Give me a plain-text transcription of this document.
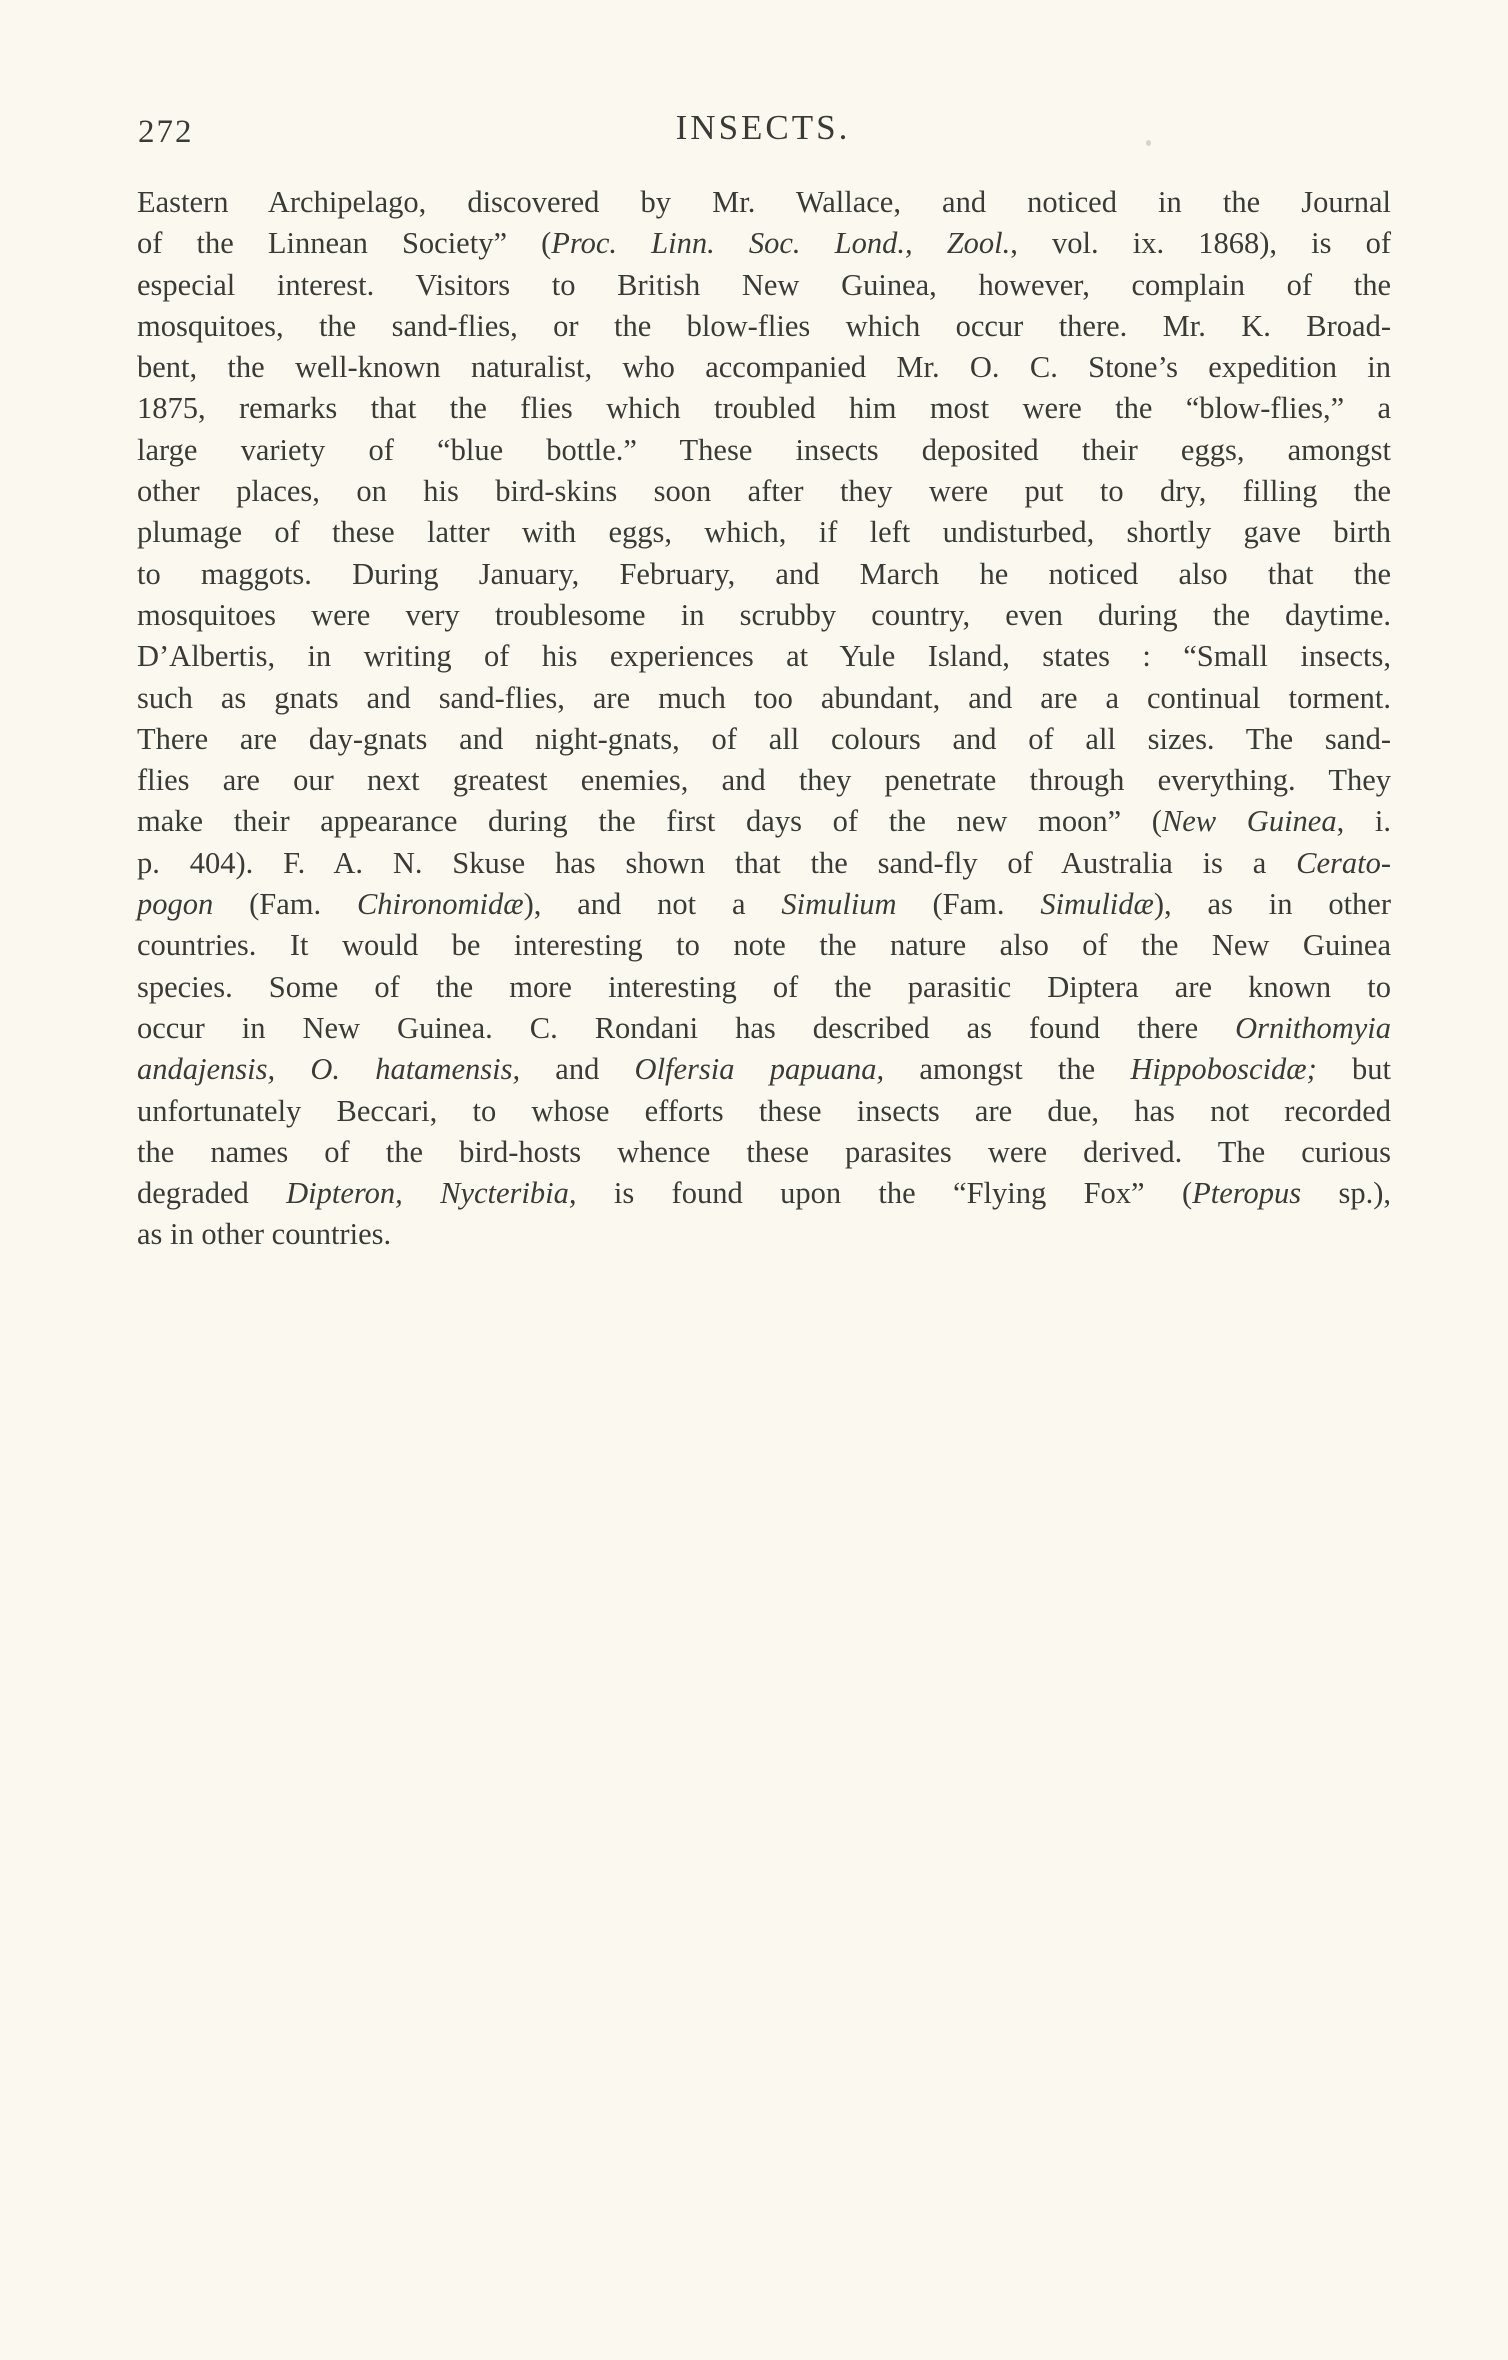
272	INSECTS.
Eastern Archipelago, discovered by Mr. Wallace, and noticed in the Journal
of the Linnean Society” (Proc. Linn. Soc. Lond., Zool., vol. ix. 1868), is of
especial interest. Visitors to British New Guinea, however, complain of the
mosquitoes, the sand-flies, or the blow-flies which occur there. Mr. K. Broad-
bent, the well-known naturalist, who accompanied Mr. O. C. Stone’s expedition in
1875, remarks that the flies which troubled him most were the “blow-flies,” a
large variety of “blue bottle.” These insects deposited their eggs, amongst
other places, on his bird-skins soon after they were put to dry, filling the
plumage of these latter with eggs, which, if left undisturbed, shortly gave birth
to maggots. During January, February, and March he noticed also that the
mosquitoes were very troublesome in scrubby country, even during the daytime.
D’Albertis, in writing of his experiences at Yule Island, states : “Small insects,
such as gnats and sand-flies, are much too abundant, and are a continual torment.
There are day-gnats and night-gnats, of all colours and of all sizes. The sand-
flies are our next greatest enemies, and they penetrate through everything. They
make their appearance during the first days of the new moon” (New Guinea, i.
p. 404). F. A. N. Skuse has shown that the sand-fly of Australia is a Cerato-
pogon (Fam. Chironomidæ), and not a Simulium (Fam. Simulidæ), as in other
countries. It would be interesting to note the nature also of the New Guinea
species. Some of the more interesting of the parasitic Diptera are known to
occur in New Guinea. C. Rondani has described as found there Ornithomyia
andajensis, O. hatamensis, and Olfersia papuana, amongst the Hippoboscidæ; but
unfortunately Beccari, to whose efforts these insects are due, has not recorded
the names of the bird-hosts whence these parasites were derived. The curious
degraded Dipteron, Nycteribia, is found upon the “Flying Fox” (Pteropus sp.),
as in other countries.
